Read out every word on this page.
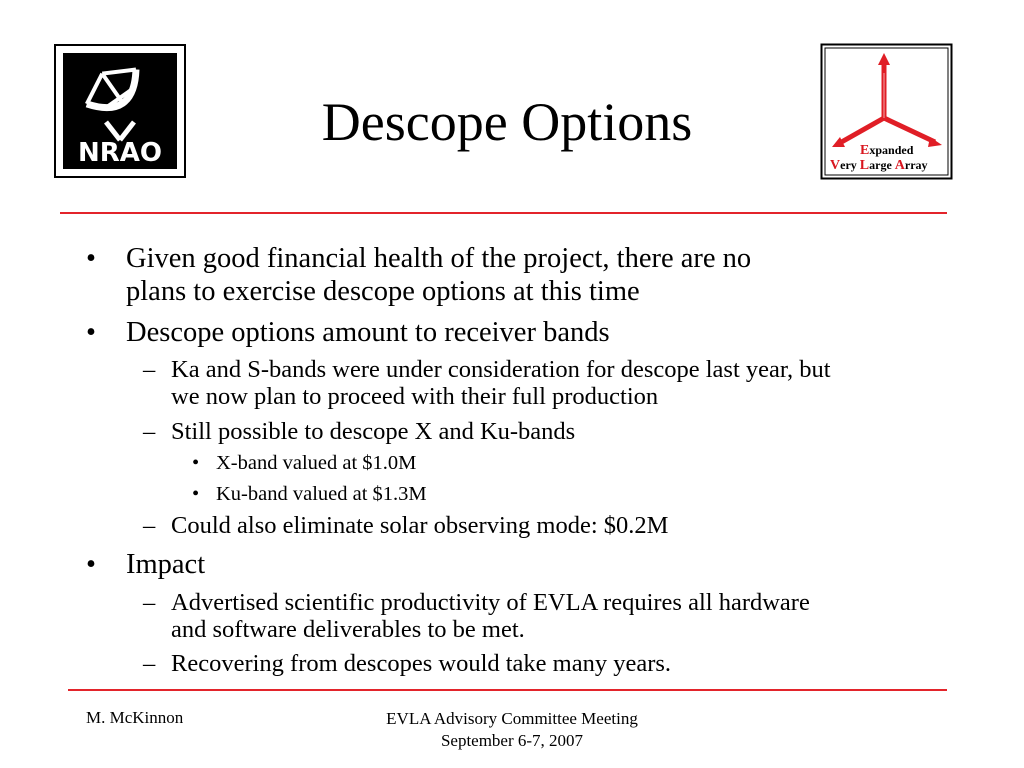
NRAO
Descope Options	Expanded
Very Large Array
• Given good financial health of the project, there are no
plans to exercise descope options at this time
• Descope options amount to receiver bands
– Ka and S-bands were under consideration for descope last year, but
we now plan to proceed with their full production
– Still possible to descope X and Ku-bands
• X-band valued at $1.0M
• Ku-band valued at $1.3M
– Could also eliminate solar observing mode: $0.2M
• Impact
– Advertised scientific productivity of EVLA requires all hardware
and software deliverables to be met.
– Recovering from descopes would take many years.
M. McKinnon	EVLA Advisory Committee Meeting
September 6-7, 2007
